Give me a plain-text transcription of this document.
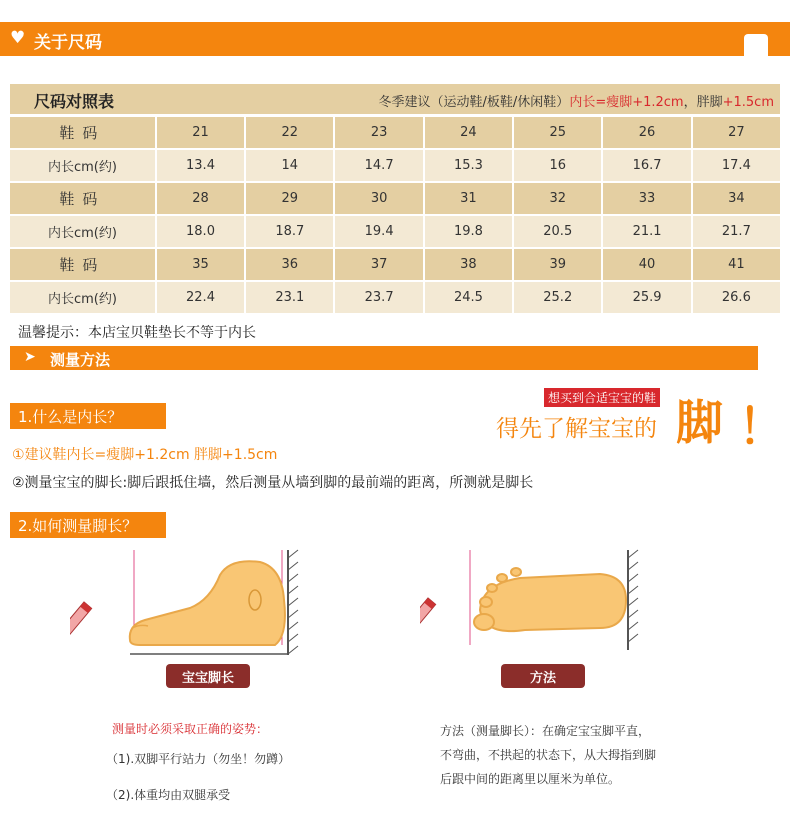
♥ 关于尺码
尺码对照表	冬季建议（运动鞋/板鞋/休闲鞋）内长=瘦脚+1.2cm，胖脚+1.5cm
鞋码	21	22	23	24	25	26	27
内长cm(约)	13.4	14	14.7	15.3	16	16.7	17.4
鞋码	28	29	30	31	32	33	34
内长cm(约)	18.0	18.7	19.4	19.8	20.5	21.1	21.7
鞋码	35	36	37	38	39	40	41
内长cm(约)	22.4	23.1	23.7	24.5	25.2	25.9	26.6
温馨提示：本店宝贝鞋垫长不等于内长
➤ 测量方法
1.什么是内长？
想买到合适宝宝的鞋
得先了解宝宝的 脚 ！
①建议鞋内长=瘦脚+1.2cm 胖脚+1.5cm
②测量宝宝的脚长:脚后跟抵住墙，然后测量从墙到脚的最前端的距离，所测就是脚长
2.如何测量脚长？
宝宝脚长	方法
测量时必须采取正确的姿势：
（1).双脚平行站力（勿坐！勿蹲）
（2).体重均由双腿承受
方法（测量脚长）：在确定宝宝脚平直，
不弯曲，不拱起的状态下，从大拇指到脚
后跟中间的距离里以厘米为单位。
